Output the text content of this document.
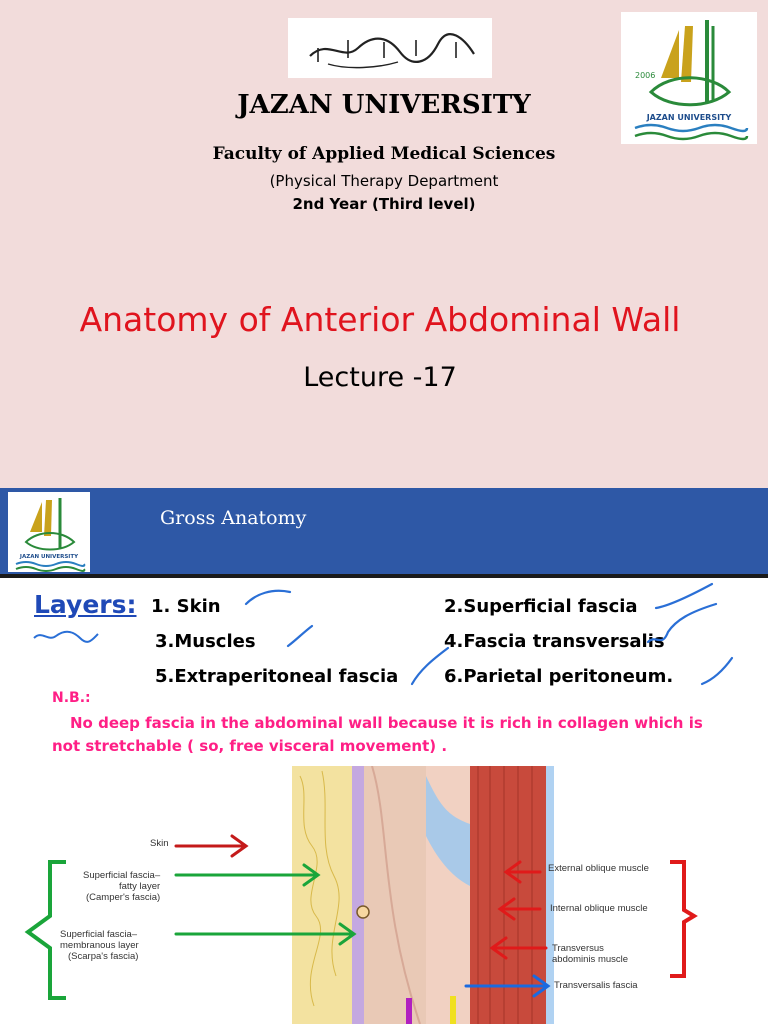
2006
JAZAN UNIVERSITY
JAZAN UNIVERSITY
Faculty of Applied Medical Sciences
(Physical Therapy Department
2nd Year (Third level)
Anatomy of Anterior Abdominal Wall
Lecture -17
JAZAN UNIVERSITY
Gross Anatomy
Layers: 1. Skin	2.Superficial fascia
3.Muscles	4.Fascia transversalis
5.Extraperitoneal fascia	6.Parietal peritoneum.
N.B.:
No deep fascia in the abdominal wall because it is rich in collagen which is not stretchable ( so, free visceral movement) .
Skin
Superficial fascia–
fatty layer
(Camper's fascia)
Superficial fascia–
membranous layer
(Scarpa's fascia)
External oblique muscle
Internal oblique muscle
Transversus
abdominis muscle
Transversalis fascia
